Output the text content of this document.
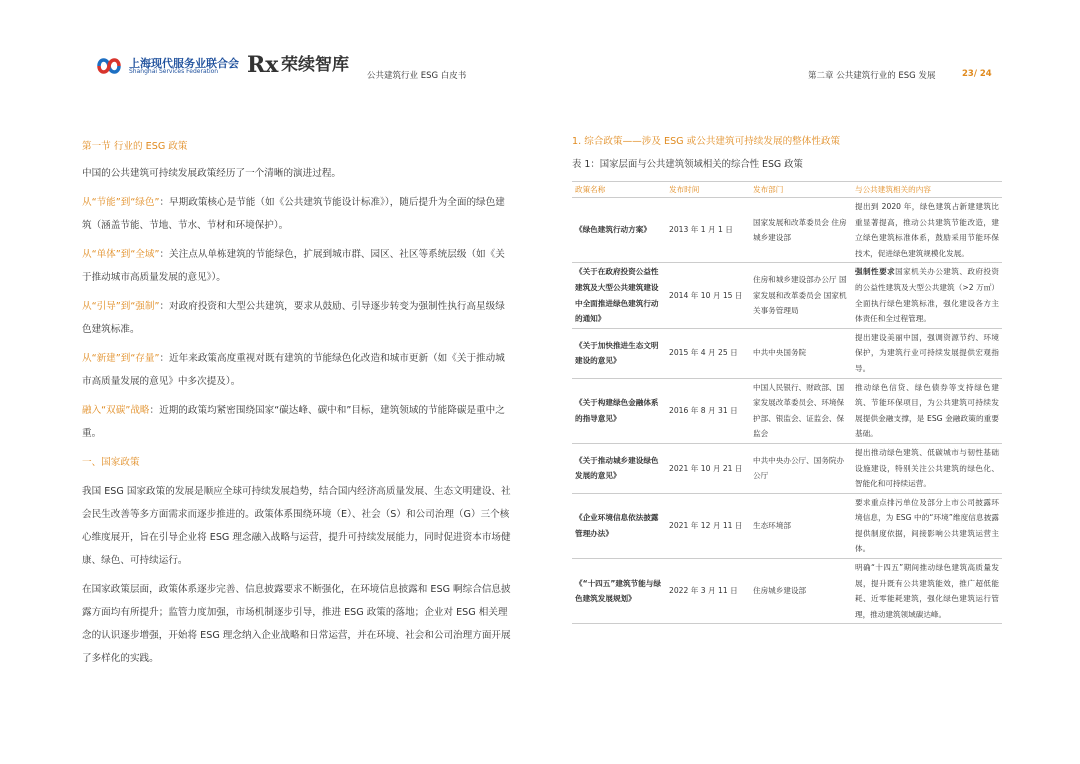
上海现代服务业联合会
Shanghai Services Federation Rx 荣续智库
公共建筑行业 ESG 白皮书	第二章 公共建筑行业的 ESG 发展	23/ 24
第一节 行业的 ESG 政策

中国的公共建筑可持续发展政策经历了一个清晰的演进过程。

从“节能”到“绿色”：早期政策核心是节能（如《公共建筑节能设计标准》），随后提升为全面的绿色建筑（涵盖节能、节地、节水、节材和环境保护）。

从“单体”到“全域”：关注点从单栋建筑的节能绿色，扩展到城市群、园区、社区等系统层级（如《关于推动城市高质量发展的意见》）。

从“引导”到“强制”：对政府投资和大型公共建筑，要求从鼓励、引导逐步转变为强制性执行高星级绿色建筑标准。

从“新建”到“存量”：近年来政策高度重视对既有建筑的节能绿色化改造和城市更新（如《关于推动城市高质量发展的意见》中多次提及）。

融入“双碳”战略：近期的政策均紧密围绕国家“碳达峰、碳中和”目标，建筑领域的节能降碳是重中之重。

一、国家政策

我国 ESG 国家政策的发展是顺应全球可持续发展趋势，结合国内经济高质量发展、生态文明建设、社会民生改善等多方面需求而逐步推进的。政策体系围绕环境（E）、社会（S）和公司治理（G）三个核心维度展开，旨在引导企业将 ESG 理念融入战略与运营，提升可持续发展能力，同时促进资本市场健康、绿色、可持续运行。

在国家政策层面，政策体系逐步完善、信息披露要求不断强化，在环境信息披露和 ESG 啊综合信息披露方面均有所提升；监管力度加强，市场机制逐步引导，推进 ESG 政策的落地；企业对 ESG 相关理念的认识逐步增强，开始将 ESG 理念纳入企业战略和日常运营，并在环境、社会和公司治理方面开展了多样化的实践。

1. 综合政策——涉及 ESG 或公共建筑可持续发展的整体性政策
表 1：国家层面与公共建筑领域相关的综合性 ESG 政策
政策名称	发布时间	发布部门	与公共建筑相关的内容
《绿色建筑行动方案》	2013 年 1 月 1 日	国家发展和改革委员会 住房城乡建设部	提出到 2020 年，绿色建筑占新建建筑比重显著提高，推动公共建筑节能改造，建立绿色建筑标准体系，鼓励采用节能环保技术，促进绿色建筑规模化发展。
《关于在政府投资公益性建筑及大型公共建筑建设中全面推进绿色建筑行动的通知》	2014 年 10 月 15 日	住房和城乡建设部办公厅 国家发展和改革委员会 国家机关事务管理局	强制性要求国家机关办公建筑、政府投资的公益性建筑及大型公共建筑（>2 万㎡）全面执行绿色建筑标准，强化建设各方主体责任和全过程管理。
《关于加快推进生态文明建设的意见》	2015 年 4 月 25 日	中共中央国务院	提出建设美丽中国，强调资源节约、环境保护，为建筑行业可持续发展提供宏观指导。
《关于构建绿色金融体系的指导意见》	2016 年 8 月 31 日	中国人民银行、财政部、国家发展改革委员会、环境保护部、银监会、证监会、保监会	推动绿色信贷、绿色债券等支持绿色建筑、节能环保项目，为公共建筑可持续发展提供金融支撑，是 ESG 金融政策的重要基础。
《关于推动城乡建设绿色发展的意见》	2021 年 10 月 21 日	中共中央办公厅、国务院办公厅	提出推动绿色建筑、低碳城市与韧性基础设施建设，特别关注公共建筑的绿色化、智能化和可持续运营。
《企业环境信息依法披露管理办法》	2021 年 12 月 11 日	生态环境部	要求重点排污单位及部分上市公司披露环境信息，为 ESG 中的“环境”维度信息披露提供制度依据，间接影响公共建筑运营主体。
《“十四五”建筑节能与绿色建筑发展规划》	2022 年 3 月 11 日	住房城乡建设部	明确“十四五”期间推动绿色建筑高质量发展，提升既有公共建筑能效，推广超低能耗、近零能耗建筑，强化绿色建筑运行管理，推动建筑领域碳达峰。
